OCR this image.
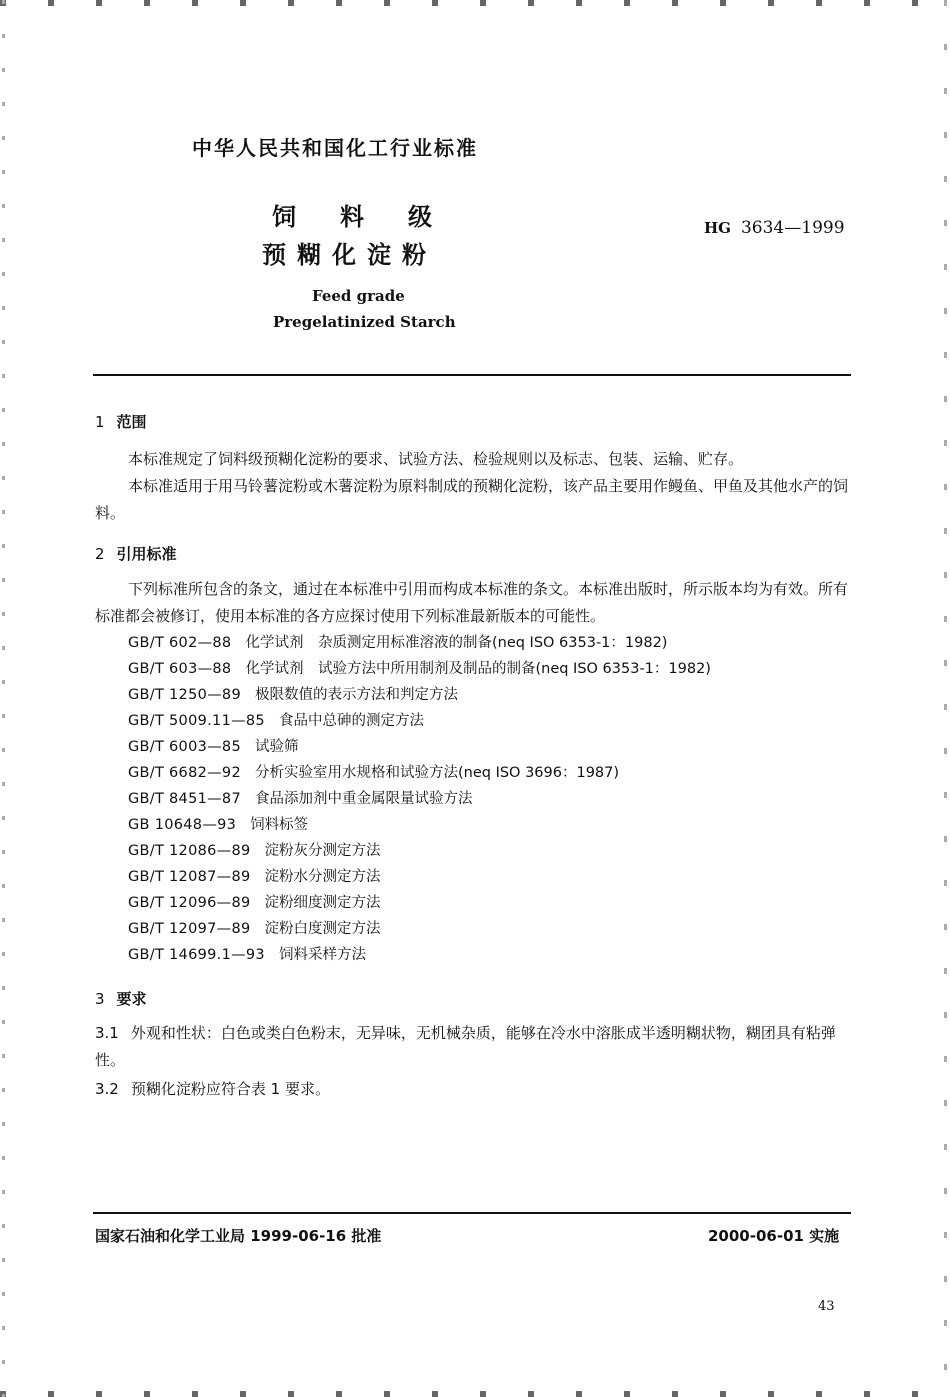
中华人民共和国化工行业标准
饲料级
预糊化淀粉
HG 3634—1999
Feed grade
Pregelatinized Starch
1 范围
本标准规定了饲料级预糊化淀粉的要求、试验方法、检验规则以及标志、包装、运输、贮存。
本标准适用于用马铃薯淀粉或木薯淀粉为原料制成的预糊化淀粉，该产品主要用作鳗鱼、甲鱼及其他水产的饲料。
2 引用标准
下列标准所包含的条文，通过在本标准中引用而构成本标准的条文。本标准出版时，所示版本均为有效。所有标准都会被修订，使用本标准的各方应探讨使用下列标准最新版本的可能性。
GB/T 602—88 化学试剂　杂质测定用标准溶液的制备(neq ISO 6353-1：1982)
GB/T 603—88 化学试剂　试验方法中所用制剂及制品的制备(neq ISO 6353-1：1982)
GB/T 1250—89 极限数值的表示方法和判定方法
GB/T 5009.11—85 食品中总砷的测定方法
GB/T 6003—85 试验筛
GB/T 6682—92 分析实验室用水规格和试验方法(neq ISO 3696：1987)
GB/T 8451—87 食品添加剂中重金属限量试验方法
GB 10648—93 饲料标签
GB/T 12086—89 淀粉灰分测定方法
GB/T 12087—89 淀粉水分测定方法
GB/T 12096—89 淀粉细度测定方法
GB/T 12097—89 淀粉白度测定方法
GB/T 14699.1—93 饲料采样方法
3 要求
3.1 外观和性状：白色或类白色粉末，无异味，无机械杂质，能够在冷水中溶胀成半透明糊状物，糊团具有粘弹性。
3.2 预糊化淀粉应符合表 1 要求。
国家石油和化学工业局 1999-06-16 批准	2000-06-01 实施
43
